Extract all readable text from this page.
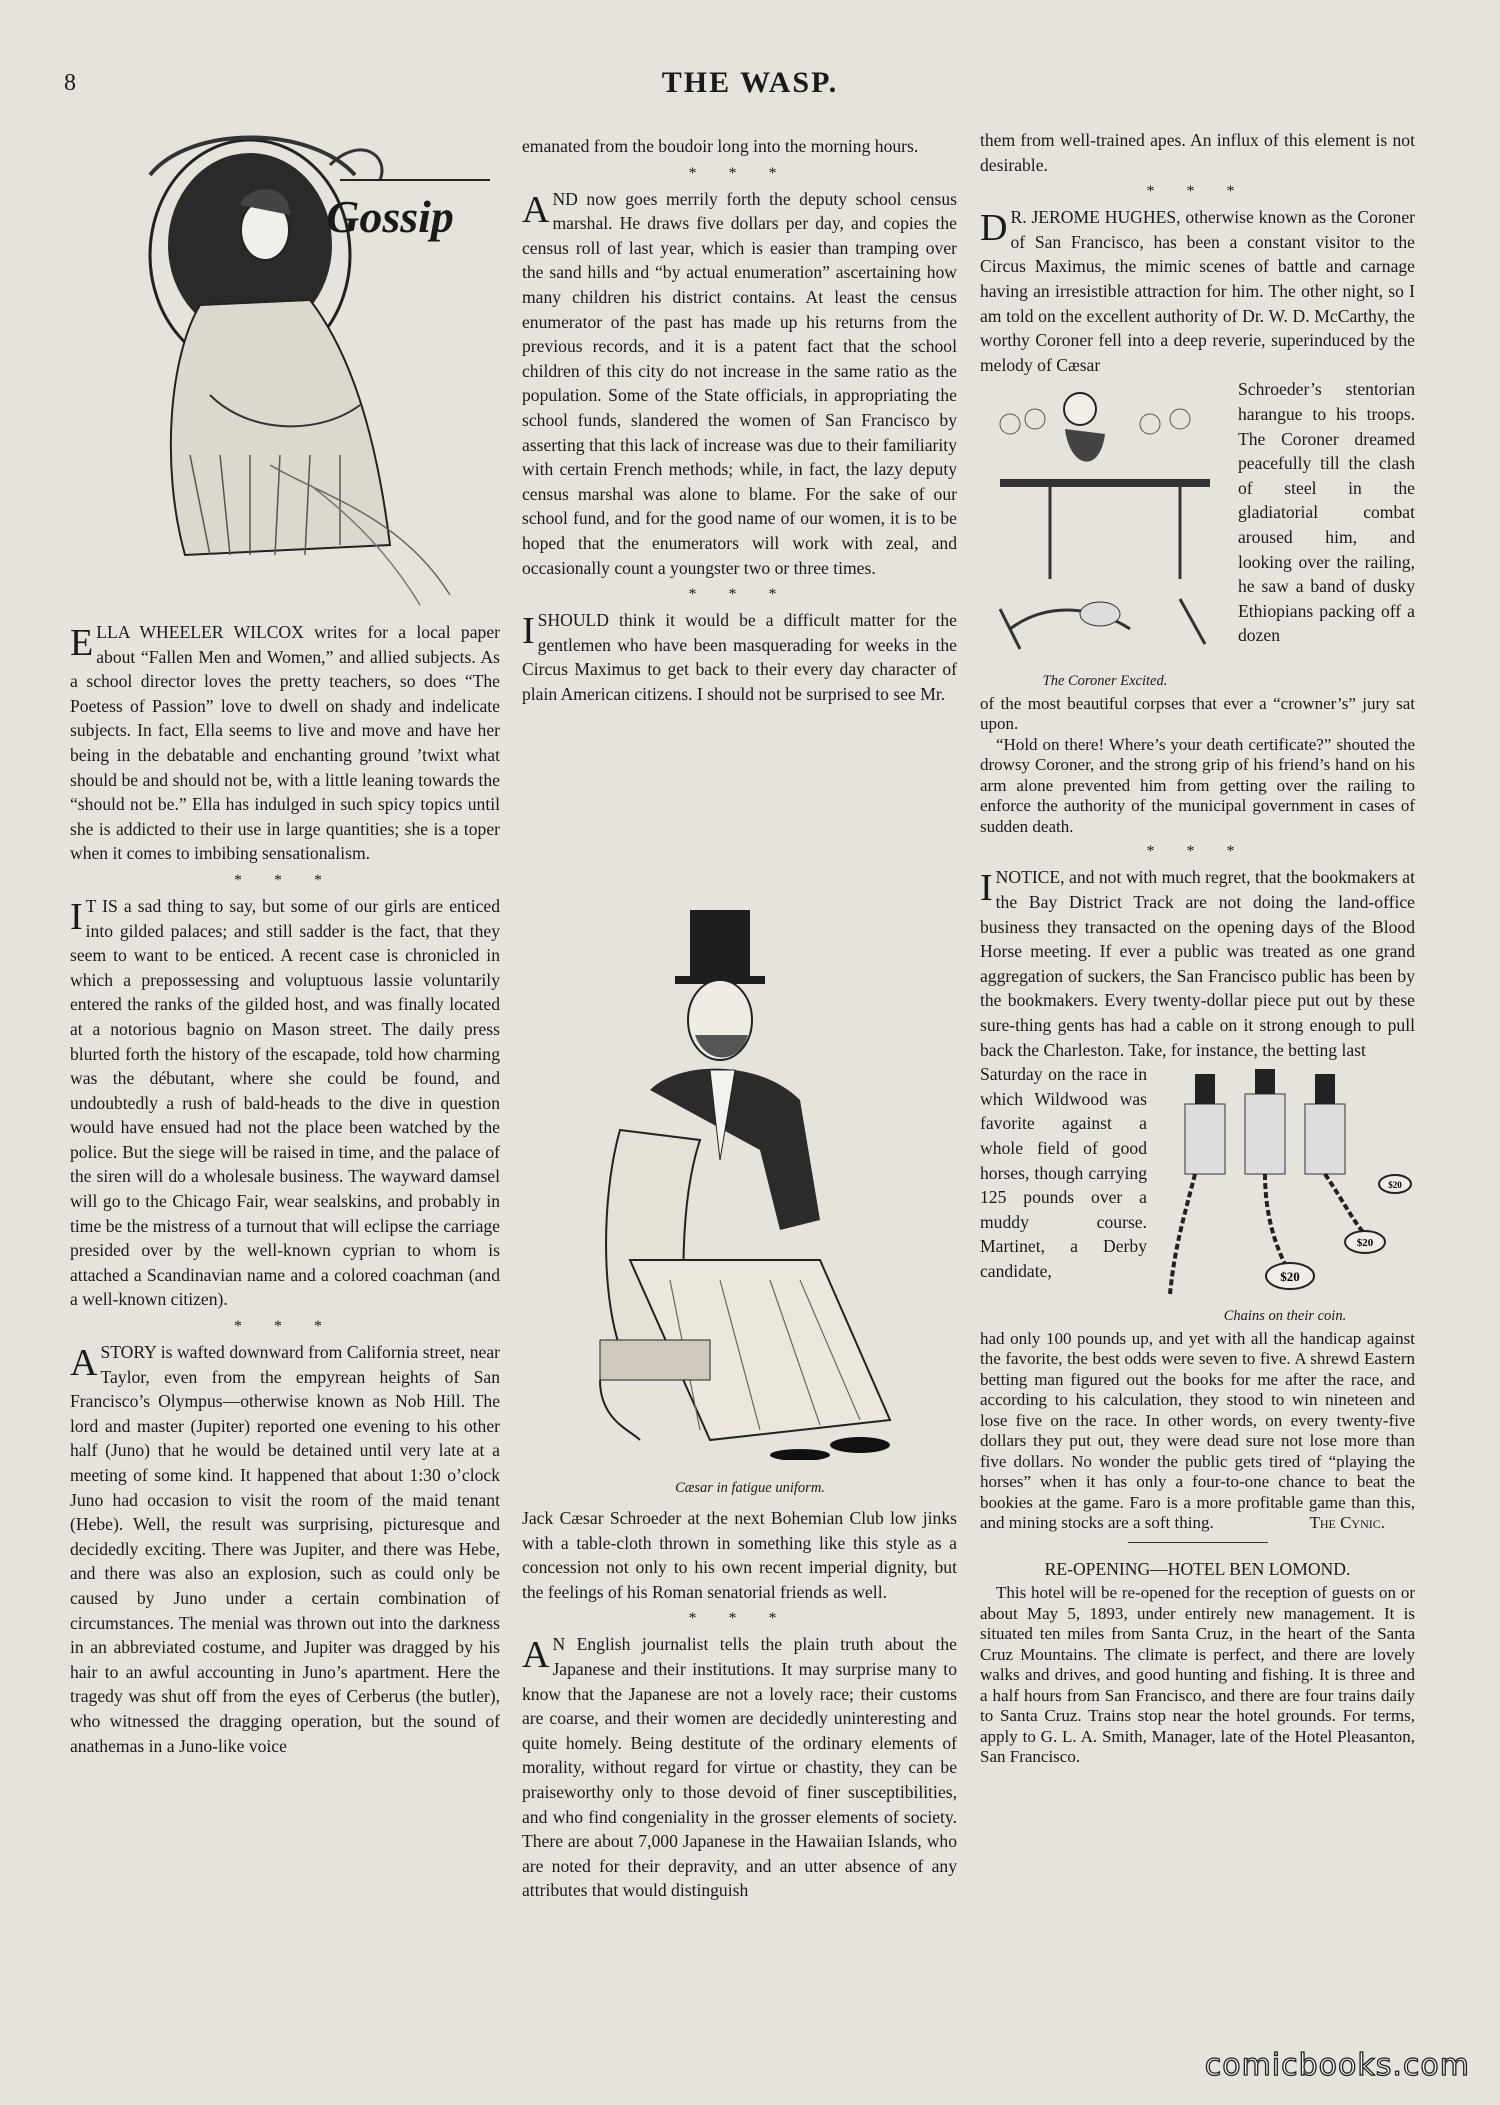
8	THE WASP.
Gossip

ELLA WHEELER WILCOX writes for a local paper about “Fallen Men and Women,” and allied subjects. As a school director loves the pretty teachers, so does “The Poetess of Passion” love to dwell on shady and indelicate subjects. In fact, Ella seems to live and move and have her being in the debatable and enchanting ground ’twixt what should be and should not be, with a little leaning towards the “should not be.” Ella has indulged in such spicy topics until she is addicted to their use in large quantities; she is a toper when it comes to imbibing sensationalism.

* * *

I T IS a sad thing to say, but some of our girls are enticed into gilded palaces; and still sadder is the fact, that they seem to want to be enticed. A recent case is chronicled in which a prepossessing and voluptuous lassie voluntarily entered the ranks of the gilded host, and was finally located at a notorious bagnio on Mason street. The daily press blurted forth the history of the escapade, told how charming was the débutant, where she could be found, and undoubtedly a rush of bald-heads to the dive in question would have ensued had not the place been watched by the police. But the siege will be raised in time, and the palace of the siren will do a wholesale business. The wayward damsel will go to the Chicago Fair, wear sealskins, and probably in time be the mistress of a turnout that will eclipse the carriage presided over by the well-known cyprian to whom is attached a Scandinavian name and a colored coachman (and a well-known citizen).

* * *

A STORY is wafted downward from California street, near Taylor, even from the empyrean heights of San Francisco’s Olympus—otherwise known as Nob Hill. The lord and master (Jupiter) reported one evening to his other half (Juno) that he would be detained until very late at a meeting of some kind. It happened that about 1:30 o’clock Juno had occasion to visit the room of the maid tenant (Hebe). Well, the result was surprising, picturesque and decidedly exciting. There was Jupiter, and there was Hebe, and there was also an explosion, such as could only be caused by Juno under a certain combination of circumstances. The menial was thrown out into the darkness in an abbreviated costume, and Jupiter was dragged by his hair to an awful accounting in Juno’s apartment. Here the tragedy was shut off from the eyes of Cerberus (the butler), who witnessed the dragging operation, but the sound of anathemas in a Juno-like voice

emanated from the boudoir long into the morning hours.

* * *

AND now goes merrily forth the deputy school census marshal. He draws five dollars per day, and copies the census roll of last year, which is easier than tramping over the sand hills and “by actual enumeration” ascertaining how many children his district contains. At least the census enumerator of the past has made up his returns from the previous records, and it is a patent fact that the school children of this city do not increase in the same ratio as the population. Some of the State officials, in appropriating the school funds, slandered the women of San Francisco by asserting that this lack of increase was due to their familiarity with certain French methods; while, in fact, the lazy deputy census marshal was alone to blame. For the sake of our school fund, and for the good name of our women, it is to be hoped that the enumerators will work with zeal, and occasionally count a youngster two or three times.

* * *

I SHOULD think it would be a difficult matter for the gentlemen who have been masquerading for weeks in the Circus Maximus to get back to their every day character of plain American citizens. I should not be surprised to see Mr.

Cæsar in fatigue uniform.

Jack Cæsar Schroeder at the next Bohemian Club low jinks with a table-cloth thrown in something like this style as a concession not only to his own recent imperial dignity, but the feelings of his Roman senatorial friends as well.

* * *

A N English journalist tells the plain truth about the Japanese and their institutions. It may surprise many to know that the Japanese are not a lovely race; their customs are coarse, and their women are decidedly uninteresting and quite homely. Being destitute of the ordinary elements of morality, without regard for virtue or chastity, they can be praiseworthy only to those devoid of finer susceptibilities, and who find congeniality in the grosser elements of society. There are about 7,000 Japanese in the Hawaiian Islands, who are noted for their depravity, and an utter absence of any attributes that would distinguish

them from well-trained apes. An influx of this element is not desirable.

* * *

D R. JEROME HUGHES, otherwise known as the Coroner of San Francisco, has been a constant visitor to the Circus Maximus, the mimic scenes of battle and carnage having an irresistible attraction for him. The other night, so I am told on the excellent authority of Dr. W. D. McCarthy, the worthy Coroner fell into a deep reverie, superinduced by the melody of Cæsar

Schroeder’s stentorian harangue to his troops. The Coroner dreamed peacefully till the clash of steel in the gladiatorial combat aroused him, and looking over the railing, he saw a band of dusky Ethiopians packing off a dozen

The Coroner Excited.

of the most beautiful corpses that ever a “crowner’s” jury sat upon.

“Hold on there! Where’s your death certificate?” shouted the drowsy Coroner, and the strong grip of his friend’s hand on his arm alone prevented him from getting over the railing to enforce the authority of the municipal government in cases of sudden death.

* * *

I NOTICE, and not with much regret, that the bookmakers at the Bay District Track are not doing the land-office business they transacted on the opening days of the Blood Horse meeting. If ever a public was treated as one grand aggregation of suckers, the San Francisco public has been by the bookmakers. Every twenty-dollar piece put out by these sure-thing gents has had a cable on it strong enough to pull back the Charleston. Take, for instance, the betting last

$20
$20
$20

Saturday on the race in which Wildwood was favorite against a whole field of good horses, though carrying 125 pounds over a muddy course. Martinet, a Derby candidate,

Chains on their coin.

had only 100 pounds up, and yet with all the handicap against the favorite, the best odds were seven to five. A shrewd Eastern betting man figured out the books for me after the race, and according to his calculation, they stood to win nineteen and lose five on the race. In other words, on every twenty-five dollars they put out, they were dead sure not lose more than five dollars. No wonder the public gets tired of “playing the horses” when it has only a four-to-one chance to beat the bookies at the game. Faro is a more profitable game than this, and mining stocks are a soft thing.	The Cynic.

RE-OPENING—HOTEL BEN LOMOND.

This hotel will be re-opened for the reception of guests on or about May 5, 1893, under entirely new management. It is situated ten miles from Santa Cruz, in the heart of the Santa Cruz Mountains. The climate is perfect, and there are lovely walks and drives, and good hunting and fishing. It is three and a half hours from San Francisco, and there are four trains daily to Santa Cruz. Trains stop near the hotel grounds. For terms, apply to G. L. A. Smith, Manager, late of the Hotel Pleasanton, San Francisco.

comicbooks.com
